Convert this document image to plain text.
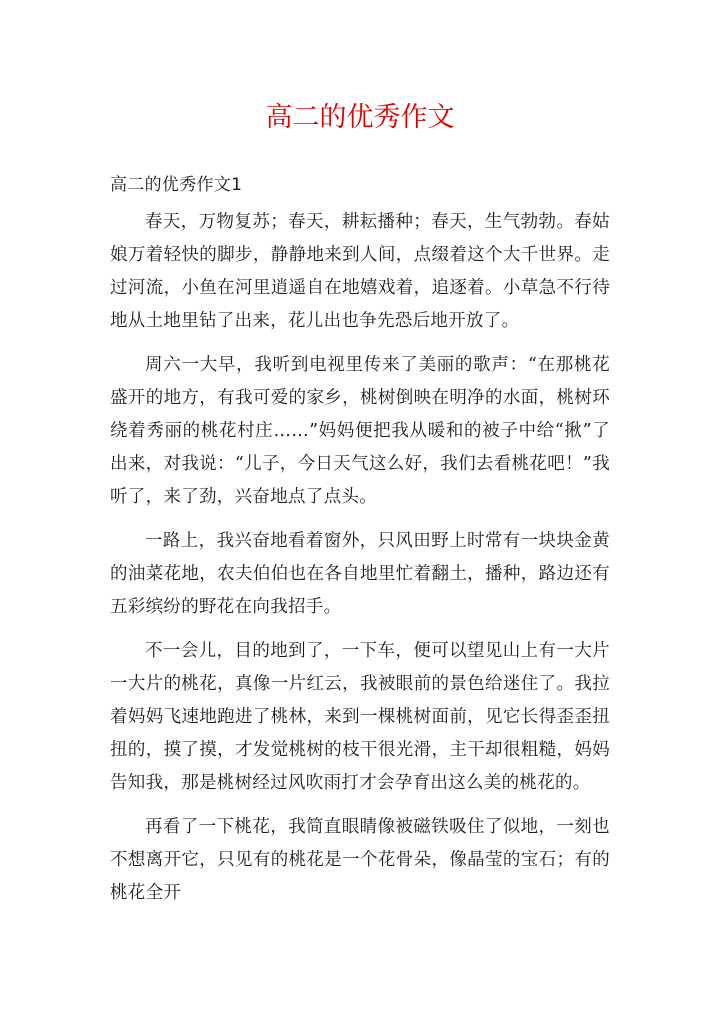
高二的优秀作文
高二的优秀作文1

春天，万物复苏；春天，耕耘播种；春天，生气勃勃。春姑娘万着轻快的脚步，静静地来到人间，点缀着这个大千世界。走过河流，小鱼在河里逍遥自在地嬉戏着，追逐着。小草急不行待地从土地里钻了出来，花儿出也争先恐后地开放了。

周六一大早，我听到电视里传来了美丽的歌声：“在那桃花盛开的地方，有我可爱的家乡，桃树倒映在明净的水面，桃树环绕着秀丽的桃花村庄……”妈妈便把我从暖和的被子中给“揪”了出来，对我说：“儿子，今日天气这么好，我们去看桃花吧！”我听了，来了劲，兴奋地点了点头。

一路上，我兴奋地看着窗外，只风田野上时常有一块块金黄的油菜花地，农夫伯伯也在各自地里忙着翻土，播种，路边还有五彩缤纷的野花在向我招手。

不一会儿，目的地到了，一下车，便可以望见山上有一大片一大片的桃花，真像一片红云，我被眼前的景色给迷住了。我拉着妈妈飞速地跑进了桃林，来到一棵桃树面前，见它长得歪歪扭扭的，摸了摸，才发觉桃树的枝干很光滑，主干却很粗糙，妈妈告知我，那是桃树经过风吹雨打才会孕育出这么美的桃花的。

再看了一下桃花，我简直眼睛像被磁铁吸住了似地，一刻也不想离开它，只见有的桃花是一个花骨朵，像晶莹的宝石；有的桃花全开
